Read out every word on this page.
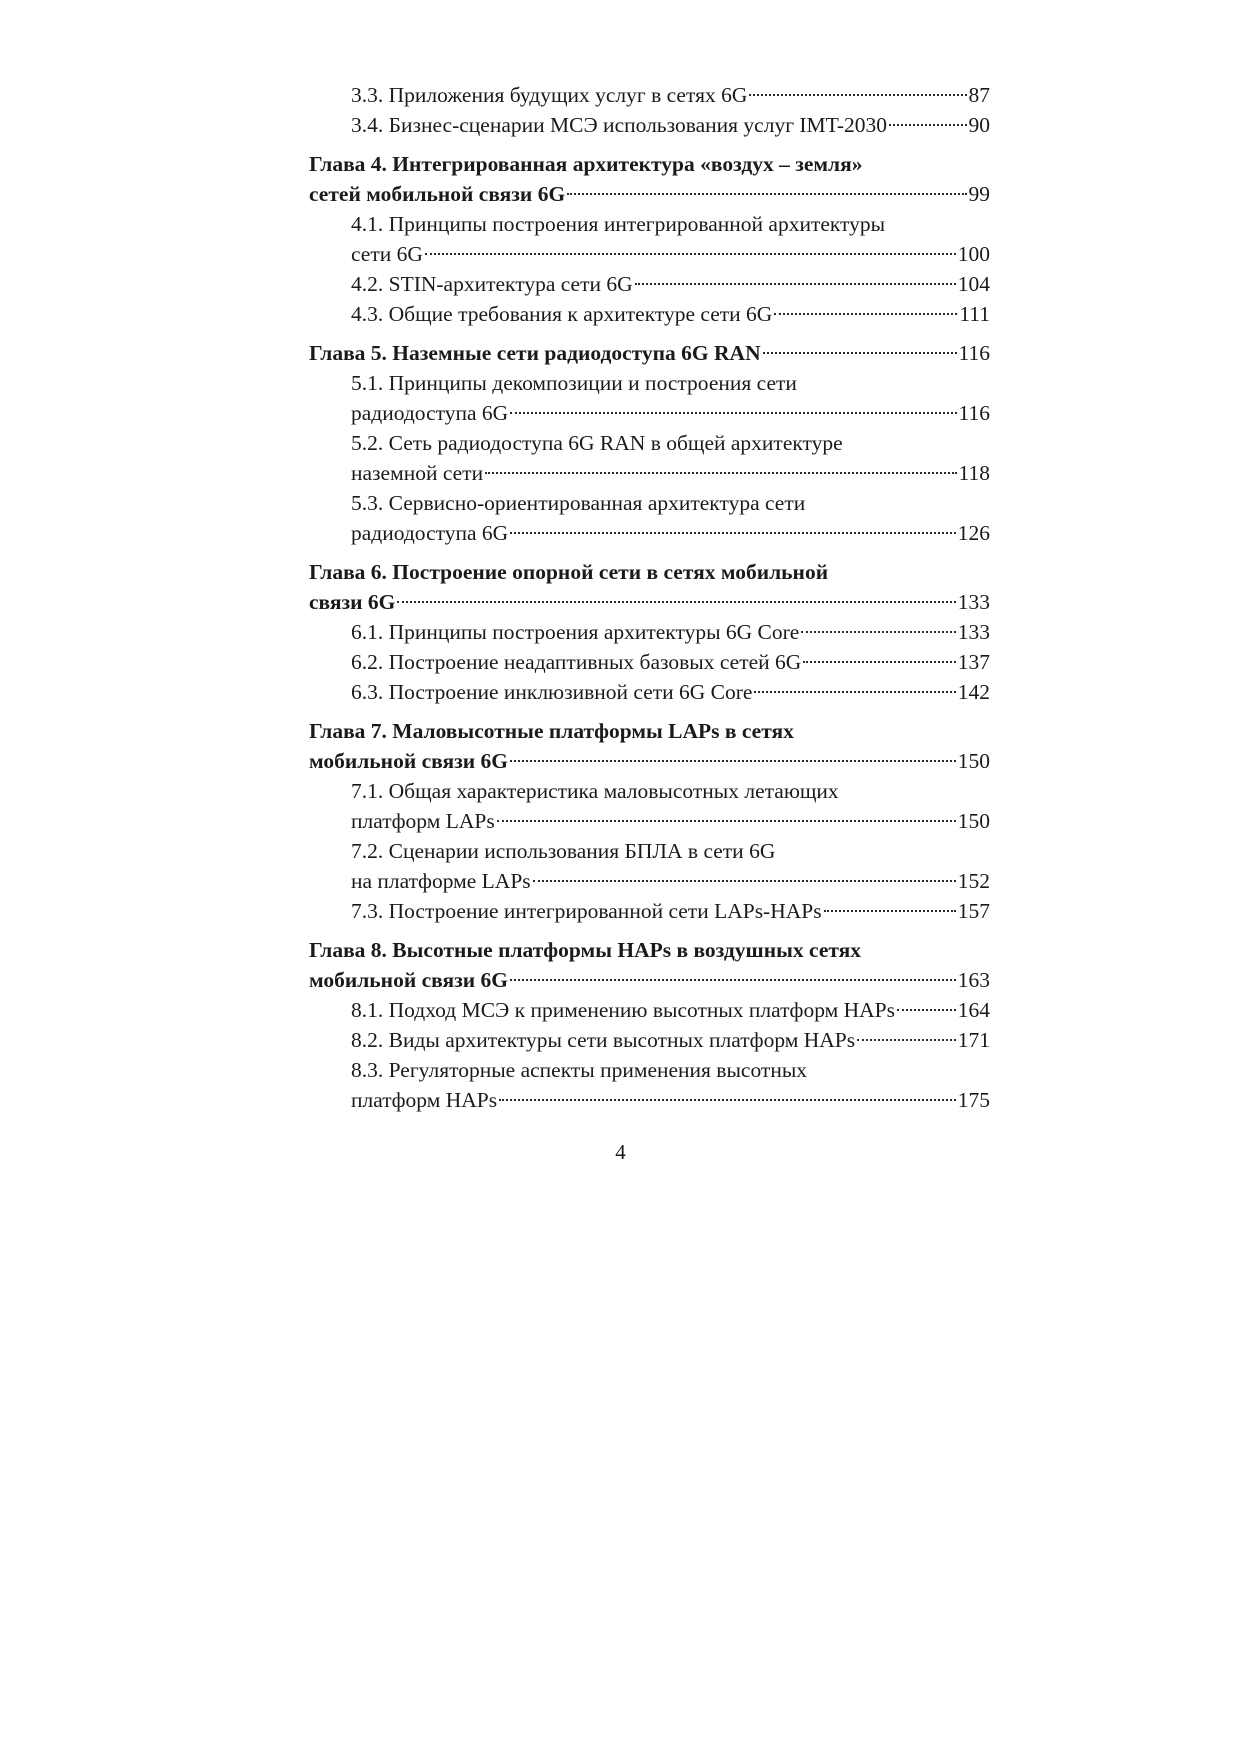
3.3. Приложения будущих услуг в сетях 6G	87
3.4. Бизнес-сценарии МСЭ использования услуг IMT-2030	90
Глава 4. Интегрированная архитектура «воздух – земля»
сетей мобильной связи 6G	99
4.1. Принципы построения интегрированной архитектуры
сети 6G	100
4.2. STIN-архитектура сети 6G	104
4.3. Общие требования к архитектуре сети 6G	111
Глава 5. Наземные сети радиодоступа 6G RAN	116
5.1. Принципы декомпозиции и построения сети
радиодоступа 6G	116
5.2. Сеть радиодоступа 6G RAN в общей архитектуре
наземной сети	118
5.3. Сервисно-ориентированная архитектура сети
радиодоступа 6G	126
Глава 6. Построение опорной сети в сетях мобильной
связи 6G	133
6.1. Принципы построения архитектуры 6G Core	133
6.2. Построение неадаптивных базовых сетей 6G	137
6.3. Построение инклюзивной сети 6G Core	142
Глава 7. Маловысотные платформы LAPs в сетях
мобильной связи 6G	150
7.1. Общая характеристика маловысотных летающих
платформ LAPs	150
7.2. Сценарии использования БПЛА в сети 6G
на платформе LAPs	152
7.3. Построение интегрированной сети LAPs-HAPs	157
Глава 8. Высотные платформы HAPs в воздушных сетях
мобильной связи 6G	163
8.1. Подход МСЭ к применению высотных платформ HAPs	164
8.2. Виды архитектуры сети высотных платформ HAPs	171
8.3. Регуляторные аспекты применения высотных
платформ HAPs	175
4
